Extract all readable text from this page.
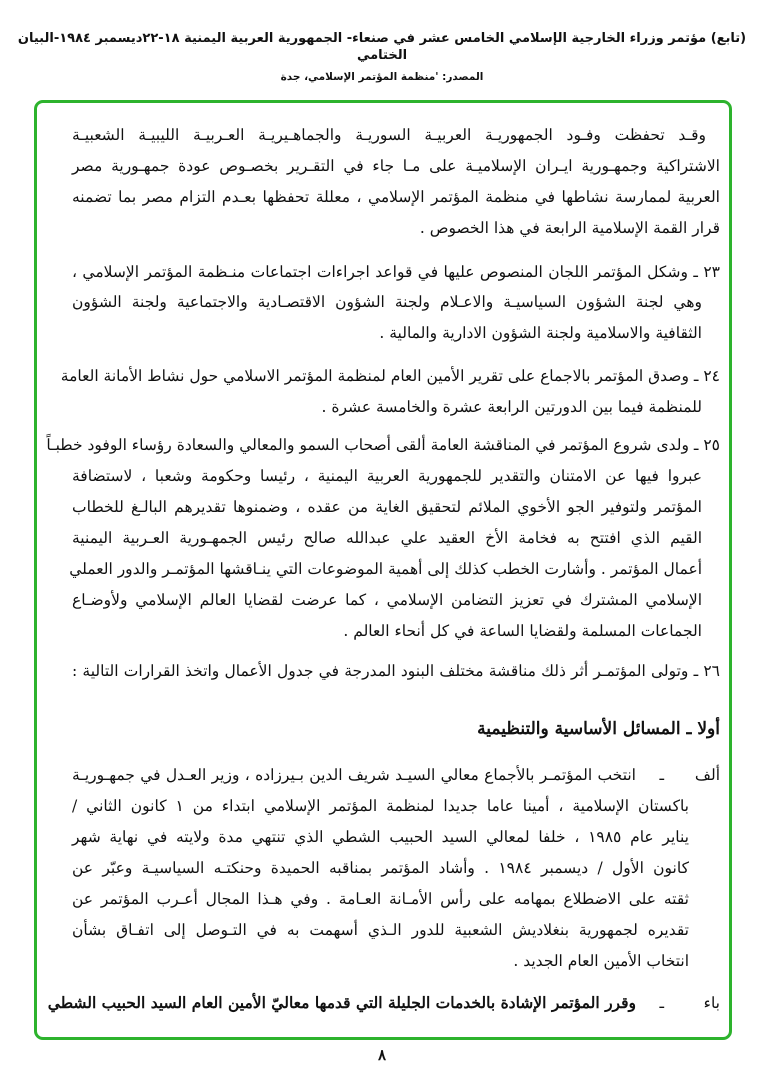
(تابع) مؤتمر وزراء الخارجية الإسلامي الخامس عشر في صنعاء- الجمهورية العربية اليمنية ١٨-٢٢ديسمبر ١٩٨٤-البيان الختامي
المصدر: 'منظمة المؤتمر الإسلامي، جدة
وقـد تحفظت وفـود الجمهوريـة العربيـة السوريـة والجماهـيريـة العـربيـة الليبيـة الشعبيـة
الاشتراكية وجمهـورية ايـران الإسلاميـة على مـا جاء في التقـرير بخصـوص عودة جمهـورية مصر
العربية لممارسة نشاطها في منظمة المؤتمر الإسلامي ، معللة تحفظها بعـدم التزام مصر بما تضمنه
قرار القمة الإسلامية الرابعة في هذا الخصوص .
٢٣ ـ وشكل المؤتمر اللجان المنصوص عليها في قواعد اجراءات اجتماعات منـظمة المؤتمر الإسلامي ،
وهي لجنة الشؤون السياسيـة والاعـلام ولجنة الشؤون الاقتصـادية والاجتماعية ولجنة الشؤون
الثقافية والاسلامية ولجنة الشؤون الادارية والمالية .
٢٤ ـ وصدق المؤتمر بالاجماع على تقرير الأمين العام لمنظمة المؤتمر الاسلامي حول نشاط الأمانة العامة
للمنظمة فيما بين الدورتين الرابعة عشرة والخامسة عشرة .
٢٥ ـ ولدى شروع المؤتمر في المناقشة العامة ألقى أصحاب السمو والمعالي والسعادة رؤساء الوفود خطبـاً
عبروا فيها عن الامتنان والتقدير للجمهورية العربية اليمنية ، رئيسا وحكومة وشعبا ، لاستضافة
المؤتمر ولتوفير الجو الأخوي الملائم لتحقيق الغاية من عقده ، وضمنوها تقديرهم البالـغ للخطاب
القيم الذي افتتح به فخامة الأخ العقيد علي عبدالله صالح رئيس الجمهـورية العـربية اليمنية
أعمال المؤتمر . وأشارت الخطب كذلك إلى أهمية الموضوعات التي ينـاقشها المؤتمـر والدور العملي
الإسلامي المشترك في تعزيز التضامن الإسلامي ، كما عرضت لقضايا العالم الإسلامي ولأوضـاع
الجماعات المسلمة ولقضايا الساعة في كل أنحاء العالم .
٢٦ ـ وتولى المؤتمـر أثر ذلك مناقشة مختلف البنود المدرجة في جدول الأعمال واتخذ القرارات التالية :
أولا ـ المسائل الأساسية والتنظيمية
ألف
ـ
انتخب المؤتمـر بالأجماع معالي السيـد شريف الدين بـيرزاده ، وزير العـدل في جمهـوريـة
باكستان الإسلامية ، أمينا عاما جديدا لمنظمة المؤتمر الإسلامي ابتداء من ١ كانون الثاني /
يناير عام ١٩٨٥ ، خلفا لمعالي السيد الحبيب الشطي الذي تنتهي مدة ولايته في نهاية شهر
كانون الأول / ديسمبر ١٩٨٤ . وأشاد المؤتمر بمناقبه الحميدة وحنكتـه السياسيـة وعبّر عن
ثقته على الاضطلاع بمهامه على رأس الأمـانة العـامة . وفي هـذا المجال أعـرب المؤتمر عن
تقديره لجمهورية بنغلاديش الشعبية للدور الـذي أسهمت به في التـوصل إلى اتفـاق بشأن
انتخاب الأمين العام الجديد .
باء
ـ
وقرر المؤتمر الإشادة بالخدمات الجليلة التي قدمها معاليّ الأمين العام السيد الحبيب الشطي
٨
